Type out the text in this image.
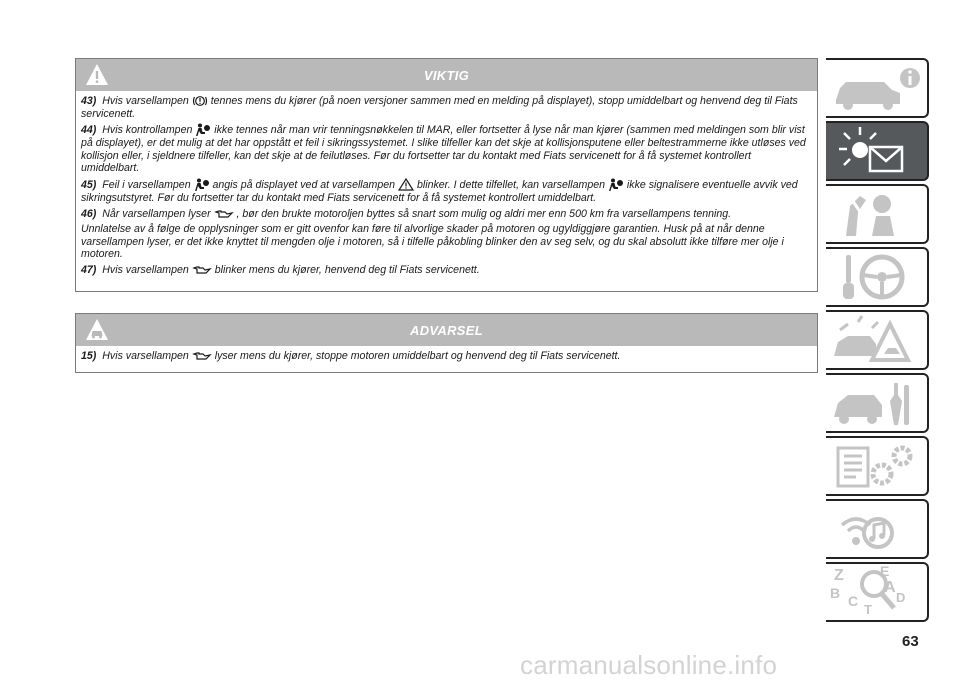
VIKTIG
43) Hvis varsellampen tennes mens du kjører (på noen versjoner sammen med en melding på displayet), stopp umiddelbart og henvend deg til Fiats servicenett.
44) Hvis kontrollampen ikke tennes når man vrir tenningsnøkkelen til MAR, eller fortsetter å lyse når man kjører (sammen med meldingen som blir vist på displayet), er det mulig at det har oppstått et feil i sikringssystemet. I slike tilfeller kan det skje at kollisjonsputene eller beltestrammerne ikke utløses ved kollisjon eller, i sjeldnere tilfeller, kan det skje at de feilutløses. Før du fortsetter tar du kontakt med Fiats servicenett for å få systemet kontrollert umiddelbart.
45) Feil i varsellampen angis på displayet ved at varsellampen blinker. I dette tilfellet, kan varsellampen ikke signalisere eventuelle avvik ved sikringsutstyret. Før du fortsetter tar du kontakt med Fiats servicenett for å få systemet kontrollert umiddelbart.
46) Når varsellampen lyser , bør den brukte motoroljen byttes så snart som mulig og aldri mer enn 500 km fra varsellampens tenning.
Unnlatelse av å følge de opplysninger som er gitt ovenfor kan føre til alvorlige skader på motoren og ugyldiggjøre garantien. Husk på at når denne varsellampen lyser, er det ikke knyttet til mengden olje i motoren, så i tilfelle påkobling blinker den av seg selv, og du skal absolutt ikke tilføre mer olje i motoren.
47) Hvis varsellampen blinker mens du kjører, henvend deg til Fiats servicenett.
ADVARSEL
15) Hvis varsellampen lyser mens du kjører, stoppe motoren umiddelbart og henvend deg til Fiats servicenett.
Z	E
B	A
C	D
T
63
carmanualsonline.info
